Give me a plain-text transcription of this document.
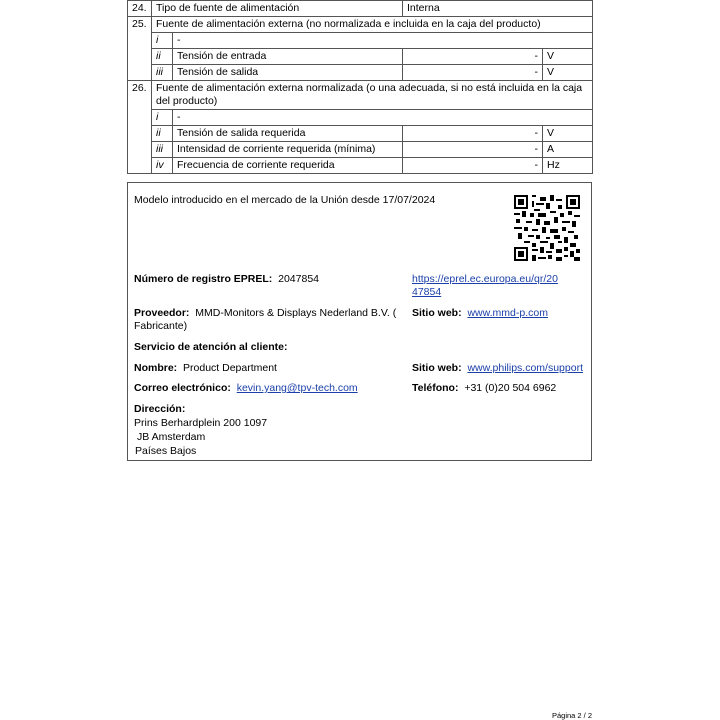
24.	Tipo de fuente de alimentación		Interna	
25.	Fuente de alimentación externa (no normalizada e incluida en la caja del producto)			
	i	-		
	ii	Tensión de entrada	-	V
	iii	Tensión de salida	-	V
26.	Fuente de alimentación externa normalizada (o una adecuada, si no está incluida en la caja del producto)			
	i	-		
	ii	Tensión de salida requerida	-	V
	iii	Intensidad de corriente requerida (mínima)	-	A
	iv	Frecuencia de corriente requerida	-	Hz
Modelo introducido en el mercado de la Unión desde 17/07/2024
Número de registro EPREL: 2047854	https://eprel.ec.europa.eu/qr/20
47854
Proveedor: MMD-Monitors & Displays Nederland B.V. (
Fabricante)
Sitio web: www.mmd-p.com
Servicio de atención al cliente:
Nombre: Product Department	Sitio web: www.philips.com/support
Correo electrónico: kevin.yang@tpv-tech.com	Teléfono: +31 (0)20 504 6962
Dirección:
Prins Berhardplein 200 1097
JB Amsterdam
Países Bajos
Página 2 / 2
